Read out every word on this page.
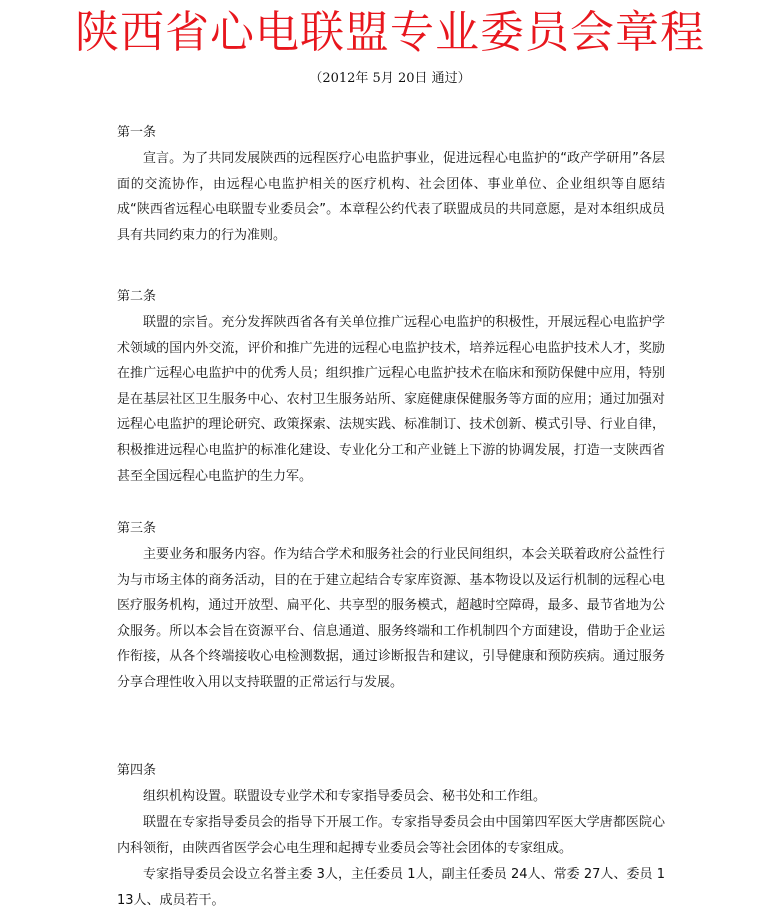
陕西省心电联盟专业委员会章程
（2012年 5月 20日 通过）
第一条

宣言。为了共同发展陕西的远程医疗心电监护事业，促进远程心电监护的“政产学研用”各层面的交流协作，由远程心电监护相关的医疗机构、社会团体、事业单位、企业组织等自愿结成“陕西省远程心电联盟专业委员会”。本章程公约代表了联盟成员的共同意愿，是对本组织成员具有共同约束力的行为准则。

第二条

联盟的宗旨。充分发挥陕西省各有关单位推广远程心电监护的积极性，开展远程心电监护学术领域的国内外交流，评价和推广先进的远程心电监护技术，培养远程心电监护技术人才，奖励在推广远程心电监护中的优秀人员；组织推广远程心电监护技术在临床和预防保健中应用，特别是在基层社区卫生服务中心、农村卫生服务站所、家庭健康保健服务等方面的应用；通过加强对远程心电监护的理论研究、政策探索、法规实践、标准制订、技术创新、模式引导、行业自律，积极推进远程心电监护的标准化建设、专业化分工和产业链上下游的协调发展，打造一支陕西省甚至全国远程心电监护的生力军。

第三条

主要业务和服务内容。作为结合学术和服务社会的行业民间组织，本会关联着政府公益性行为与市场主体的商务活动，目的在于建立起结合专家库资源、基本物设以及运行机制的远程心电医疗服务机构，通过开放型、扁平化、共享型的服务模式，超越时空障碍，最多、最节省地为公众服务。所以本会旨在资源平台、信息通道、服务终端和工作机制四个方面建设，借助于企业运作衔接，从各个终端接收心电检测数据，通过诊断报告和建议，引导健康和预防疾病。通过服务分享合理性收入用以支持联盟的正常运行与发展。

第四条

组织机构设置。联盟设专业学术和专家指导委员会、秘书处和工作组。

联盟在专家指导委员会的指导下开展工作。专家指导委员会由中国第四军医大学唐都医院心内科领衔，由陕西省医学会心电生理和起搏专业委员会等社会团体的专家组成。

专家指导委员会设立名誉主委 3人，主任委员 1人，副主任委员 24人、常委 27人、委员 113人、成员若干。
